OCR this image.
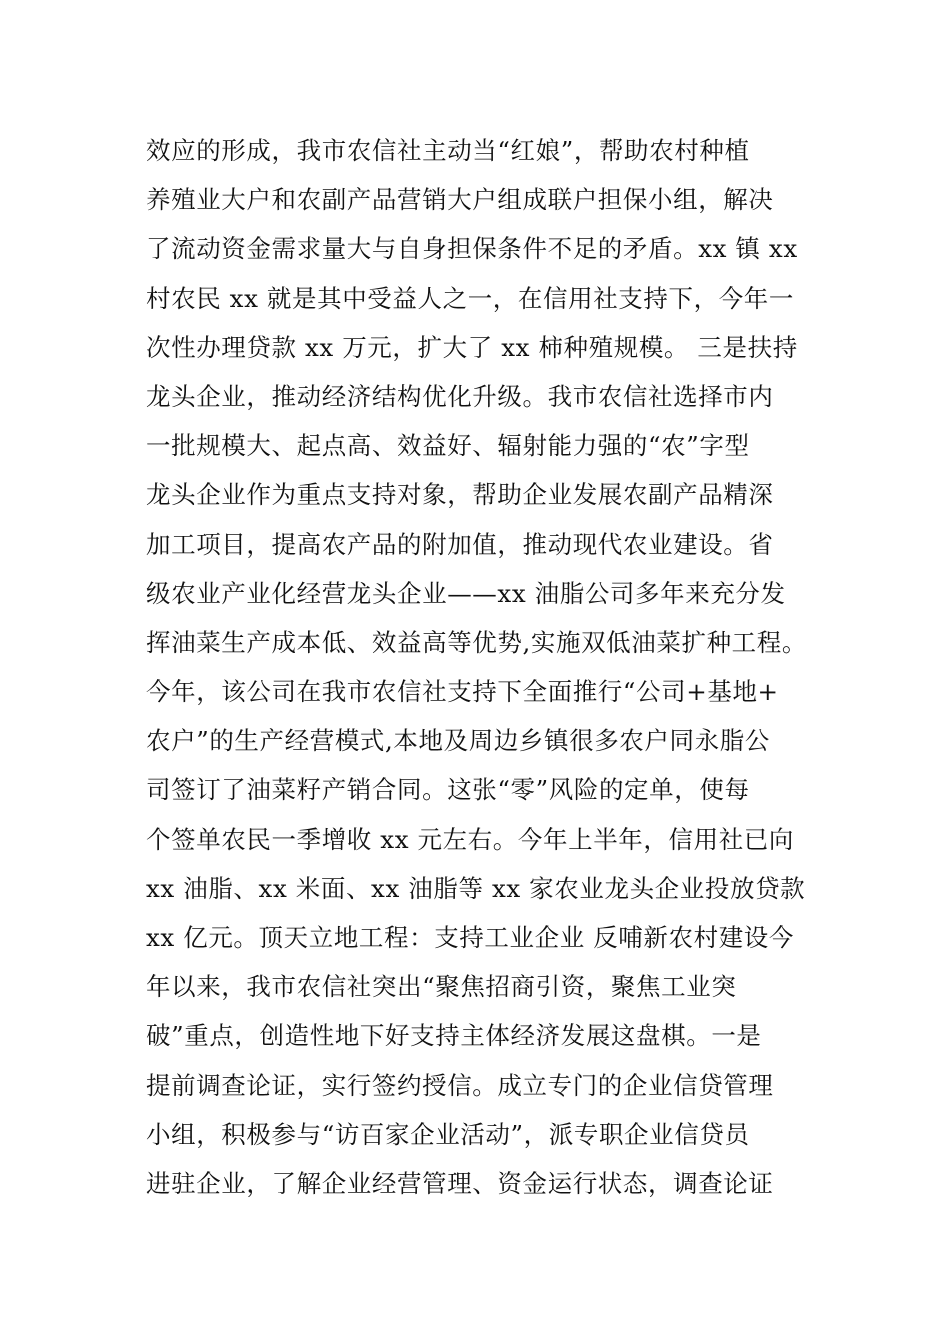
效应的形成，我市农信社主动当“红娘”，帮助农村种植
养殖业大户和农副产品营销大户组成联户担保小组，解决
了流动资金需求量大与自身担保条件不足的矛盾。xx 镇 xx
村农民 xx 就是其中受益人之一，在信用社支持下，今年一
次性办理贷款 xx 万元，扩大了 xx 柿种殖规模。 三是扶持
龙头企业，推动经济结构优化升级。我市农信社选择市内
一批规模大、起点高、效益好、辐射能力强的“农”字型
龙头企业作为重点支持对象，帮助企业发展农副产品精深
加工项目，提高农产品的附加值，推动现代农业建设。省
级农业产业化经营龙头企业——xx 油脂公司多年来充分发
挥油菜生产成本低、效益高等优势,实施双低油菜扩种工程。
今年，该公司在我市农信社支持下全面推行“公司+基地+
农户”的生产经营模式,本地及周边乡镇很多农户同永脂公
司签订了油菜籽产销合同。这张“零”风险的定单，使每
个签单农民一季增收 xx 元左右。今年上半年，信用社已向
xx 油脂、xx 米面、xx 油脂等 xx 家农业龙头企业投放贷款
xx 亿元。顶天立地工程：支持工业企业 反哺新农村建设今
年以来，我市农信社突出“聚焦招商引资，聚焦工业突
破”重点，创造性地下好支持主体经济发展这盘棋。一是
提前调查论证，实行签约授信。成立专门的企业信贷管理
小组，积极参与“访百家企业活动”，派专职企业信贷员
进驻企业，了解企业经营管理、资金运行状态，调查论证
